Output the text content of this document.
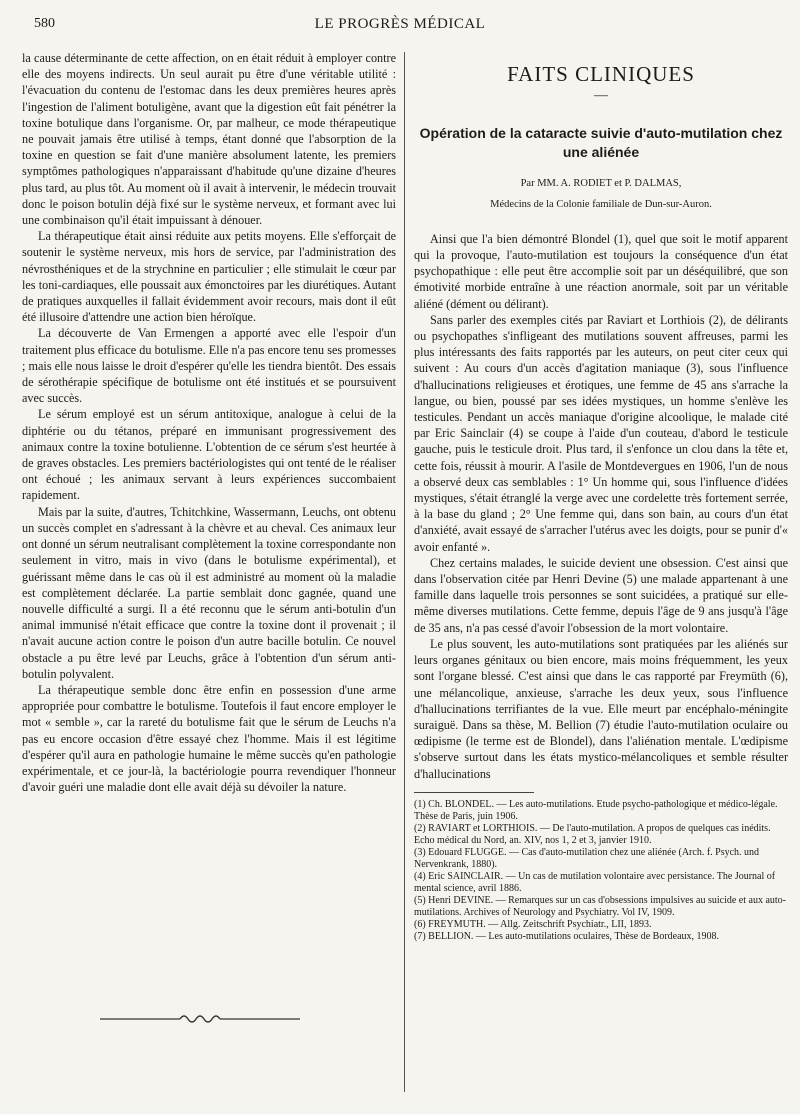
580	LE PROGRÈS MÉDICAL

la cause déterminante de cette affection, on en était réduit à employer contre elle des moyens indirects. Un seul aurait pu être d'une véritable utilité : l'évacuation du contenu de l'estomac dans les deux premières heures après l'ingestion de l'aliment botuligène, avant que la digestion eût fait pénétrer la toxine botulique dans l'organisme. Or, par malheur, ce mode thérapeutique ne pouvait jamais être utilisé à temps, étant donné que l'absorption de la toxine en question se fait d'une manière absolument latente, les premiers symptômes pathologiques n'apparaissant d'habitude qu'une dizaine d'heures plus tard, au plus tôt. Au moment où il avait à intervenir, le médecin trouvait donc le poison botulin déjà fixé sur le système nerveux, et formant avec lui une combinaison qu'il était impuissant à dénouer.

La thérapeutique était ainsi réduite aux petits moyens. Elle s'efforçait de soutenir le système nerveux, mis hors de service, par l'administration des névrosthéniques et de la strychnine en particulier ; elle stimulait le cœur par les toni-cardiaques, elle poussait aux émonctoires par les diurétiques. Autant de pratiques auxquelles il fallait évidemment avoir recours, mais dont il eût été illusoire d'attendre une action bien héroïque.

La découverte de Van Ermengen a apporté avec elle l'espoir d'un traitement plus efficace du botulisme. Elle n'a pas encore tenu ses promesses ; mais elle nous laisse le droit d'espérer qu'elle les tiendra bientôt. Des essais de sérothérapie spécifique de botulisme ont été institués et se poursuivent avec succès.

Le sérum employé est un sérum antitoxique, analogue à celui de la diphtérie ou du tétanos, préparé en immunisant progressivement des animaux contre la toxine botulienne. L'obtention de ce sérum s'est heurtée à de graves obstacles. Les premiers bactériologistes qui ont tenté de le réaliser ont échoué ; les animaux servant à leurs expériences succombaient rapidement.

Mais par la suite, d'autres, Tchitchkine, Wassermann, Leuchs, ont obtenu un succès complet en s'adressant à la chèvre et au cheval. Ces animaux leur ont donné un sérum neutralisant complètement la toxine correspondante non seulement in vitro, mais in vivo (dans le botulisme expérimental), et guérissant même dans le cas où il est administré au moment où la maladie est complètement déclarée. La partie semblait donc gagnée, quand une nouvelle difficulté a surgi. Il a été reconnu que le sérum anti-botulin d'un animal immunisé n'était efficace que contre la toxine dont il provenait ; il n'avait aucune action contre le poison d'un autre bacille botulin. Ce nouvel obstacle a pu être levé par Leuchs, grâce à l'obtention d'un sérum anti-botulin polyvalent.

La thérapeutique semble donc être enfin en possession d'une arme appropriée pour combattre le botulisme. Toutefois il faut encore employer le mot « semble », car la rareté du botulisme fait que le sérum de Leuchs n'a pas eu encore occasion d'être essayé chez l'homme. Mais il est légitime d'espérer qu'il aura en pathologie humaine le même succès qu'en pathologie expérimentale, et ce jour-là, la bactériologie pourra revendiquer l'honneur d'avoir guéri une maladie dont elle avait déjà su dévoiler la nature.

FAITS CLINIQUES
—
Opération de la cataracte suivie d'auto-mutilation chez une aliénée
Par MM. A. RODIET et P. DALMAS,
Médecins de la Colonie familiale de Dun-sur-Auron.

Ainsi que l'a bien démontré Blondel (1), quel que soit le motif apparent qui la provoque, l'auto-mutilation est toujours la conséquence d'un état psychopathique : elle peut être accomplie soit par un déséquilibré, que son émotivité morbide entraîne à une réaction anormale, soit par un véritable aliéné (dément ou délirant).

Sans parler des exemples cités par Raviart et Lorthiois (2), de délirants ou psychopathes s'infligeant des mutilations souvent affreuses, parmi les plus intéressants des faits rapportés par les auteurs, on peut citer ceux qui suivent : Au cours d'un accès d'agitation maniaque (3), sous l'influence d'hallucinations religieuses et érotiques, une femme de 45 ans s'arrache la langue, ou bien, poussé par ses idées mystiques, un homme s'enlève les testicules. Pendant un accès maniaque d'origine alcoolique, le malade cité par Eric Sainclair (4) se coupe à l'aide d'un couteau, d'abord le testicule gauche, puis le testicule droit. Plus tard, il s'enfonce un clou dans la tête et, cette fois, réussit à mourir. A l'asile de Montdevergues en 1906, l'un de nous a observé deux cas semblables : 1° Un homme qui, sous l'influence d'idées mystiques, s'était étranglé la verge avec une cordelette très fortement serrée, à la base du gland ; 2° Une femme qui, dans son bain, au cours d'un état d'anxiété, avait essayé de s'arracher l'utérus avec les doigts, pour se punir d'« avoir enfanté ».

Chez certains malades, le suicide devient une obsession. C'est ainsi que dans l'observation citée par Henri Devine (5) une malade appartenant à une famille dans laquelle trois personnes se sont suicidées, a pratiqué sur elle-même diverses mutilations. Cette femme, depuis l'âge de 9 ans jusqu'à l'âge de 35 ans, n'a pas cessé d'avoir l'obsession de la mort volontaire.

Le plus souvent, les auto-mutilations sont pratiquées par les aliénés sur leurs organes génitaux ou bien encore, mais moins fréquemment, les yeux sont l'organe blessé. C'est ainsi que dans le cas rapporté par Freymüth (6), une mélancolique, anxieuse, s'arrache les deux yeux, sous l'influence d'hallucinations terrifiantes de la vue. Elle meurt par encéphalo-méningite suraiguë. Dans sa thèse, M. Bellion (7) étudie l'auto-mutilation oculaire ou œdipisme (le terme est de Blondel), dans l'aliénation mentale. L'œdipisme s'observe surtout dans les états mystico-mélancoliques et semble résulter d'hallucinations

(1) Ch. BLONDEL. — Les auto-mutilations. Etude psycho-pathologique et médico-légale. Thèse de Paris, juin 1906.
(2) RAVIART et LORTHIOIS. — De l'auto-mutilation. A propos de quelques cas inédits. Echo médical du Nord, an. XIV, nos 1, 2 et 3, janvier 1910.
(3) Edouard FLUGGE. — Cas d'auto-mutilation chez une aliénée (Arch. f. Psych. und Nervenkrank, 1880).
(4) Eric SAINCLAIR. — Un cas de mutilation volontaire avec persistance. The Journal of mental science, avril 1886.
(5) Henri DEVINE. — Remarques sur un cas d'obsessions impulsives au suicide et aux auto-mutilations. Archives of Neurology and Psychiatry. Vol IV, 1909.
(6) FREYMUTH. — Allg. Zeitschrift Psychiatr., LII, 1893.
(7) BELLION. — Les auto-mutilations oculaires, Thèse de Bordeaux, 1908.
